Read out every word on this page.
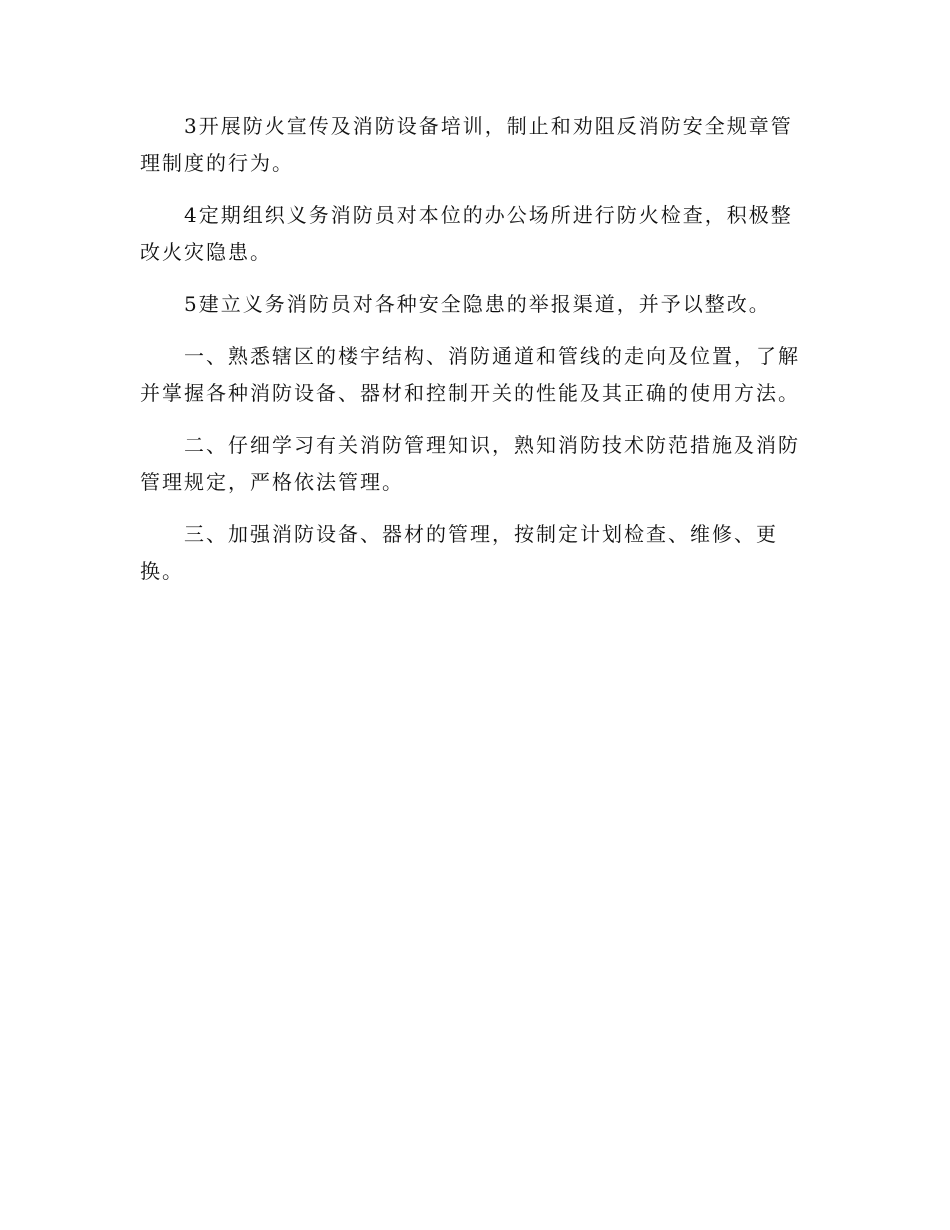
3开展防火宣传及消防设备培训，制止和劝阻反消防安全规章管理制度的行为。

4定期组织义务消防员对本位的办公场所进行防火检查，积极整改火灾隐患。

5建立义务消防员对各种安全隐患的举报渠道，并予以整改。

一、熟悉辖区的楼宇结构、消防通道和管线的走向及位置，了解并掌握各种消防设备、器材和控制开关的性能及其正确的使用方法。

二、仔细学习有关消防管理知识，熟知消防技术防范措施及消防管理规定，严格依法管理。

三、加强消防设备、器材的管理，按制定计划检查、维修、更换。
